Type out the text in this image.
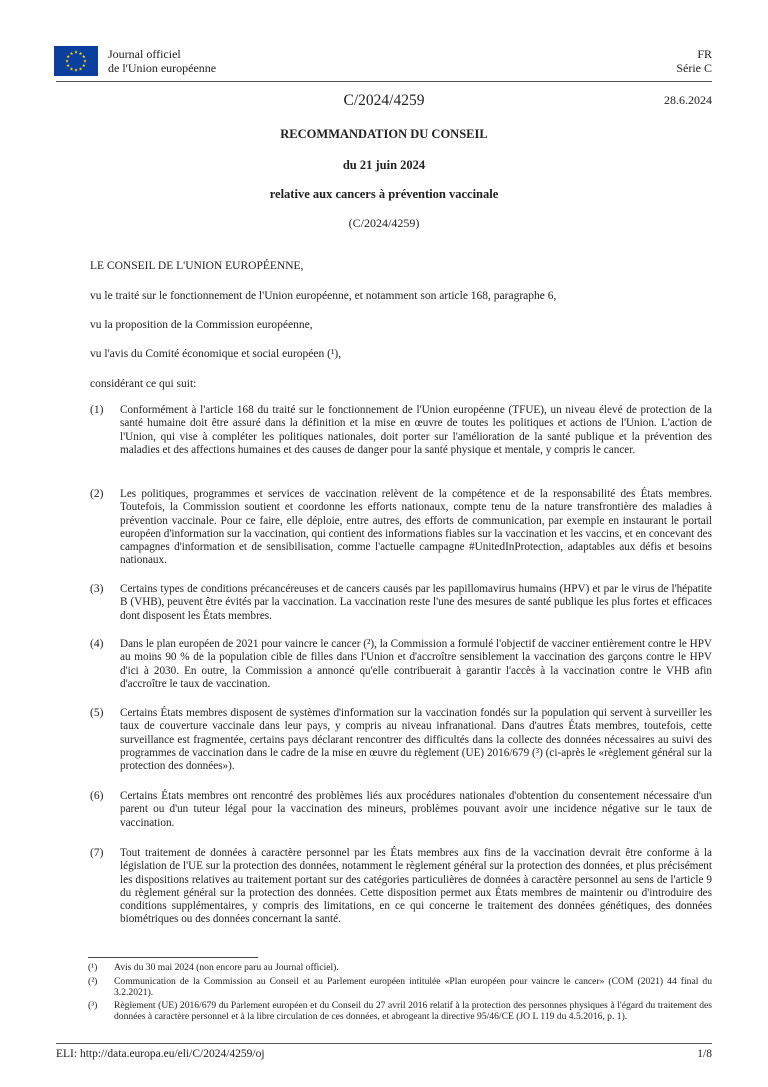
★
★
★
★
★
★
★
★
★ ★ ★
★ Journal officiel
de l'Union européenne
FR
Série C
C/2024/4259	28.6.2024
RECOMMANDATION DU CONSEIL
du 21 juin 2024
relative aux cancers à prévention vaccinale
(C/2024/4259)
LE CONSEIL DE L'UNION EUROPÉENNE,
vu le traité sur le fonctionnement de l'Union européenne, et notamment son article 168, paragraphe 6,
vu la proposition de la Commission européenne,
vu l'avis du Comité économique et social européen (¹),
considérant ce qui suit:
(1) Conformément à l'article 168 du traité sur le fonctionnement de l'Union européenne (TFUE), un niveau élevé de protection de la santé humaine doit être assuré dans la définition et la mise en œuvre de toutes les politiques et actions de l'Union. L'action de l'Union, qui vise à compléter les politiques nationales, doit porter sur l'amélioration de la santé publique et la prévention des maladies et des affections humaines et des causes de danger pour la santé physique et mentale, y compris le cancer.
(2) Les politiques, programmes et services de vaccination relèvent de la compétence et de la responsabilité des États membres. Toutefois, la Commission soutient et coordonne les efforts nationaux, compte tenu de la nature transfrontière des maladies à prévention vaccinale. Pour ce faire, elle déploie, entre autres, des efforts de communication, par exemple en instaurant le portail européen d'information sur la vaccination, qui contient des informations fiables sur la vaccination et les vaccins, et en concevant des campagnes d'information et de sensibilisation, comme l'actuelle campagne #UnitedInProtection, adaptables aux défis et besoins nationaux.
(3) Certains types de conditions précancéreuses et de cancers causés par les papillomavirus humains (HPV) et par le virus de l'hépatite B (VHB), peuvent être évités par la vaccination. La vaccination reste l'une des mesures de santé publique les plus fortes et efficaces dont disposent les États membres.
(4) Dans le plan européen de 2021 pour vaincre le cancer (²), la Commission a formulé l'objectif de vacciner entièrement contre le HPV au moins 90 % de la population cible de filles dans l'Union et d'accroître sensiblement la vaccination des garçons contre le HPV d'ici à 2030. En outre, la Commission a annoncé qu'elle contribuerait à garantir l'accès à la vaccination contre le VHB afin d'accroître le taux de vaccination.
(5) Certains États membres disposent de systèmes d'information sur la vaccination fondés sur la population qui servent à surveiller les taux de couverture vaccinale dans leur pays, y compris au niveau infranational. Dans d'autres États membres, toutefois, cette surveillance est fragmentée, certains pays déclarant rencontrer des difficultés dans la collecte des données nécessaires au suivi des programmes de vaccination dans le cadre de la mise en œuvre du règlement (UE) 2016/679 (³) (ci-après le «règlement général sur la protection des données»).
(6) Certains États membres ont rencontré des problèmes liés aux procédures nationales d'obtention du consentement nécessaire d'un parent ou d'un tuteur légal pour la vaccination des mineurs, problèmes pouvant avoir une incidence négative sur le taux de vaccination.
(7) Tout traitement de données à caractère personnel par les États membres aux fins de la vaccination devrait être conforme à la législation de l'UE sur la protection des données, notamment le règlement général sur la protection des données, et plus précisément les dispositions relatives au traitement portant sur des catégories particulières de données à caractère personnel au sens de l'article 9 du règlement général sur la protection des données. Cette disposition permet aux États membres de maintenir ou d'introduire des conditions supplémentaires, y compris des limitations, en ce qui concerne le traitement des données génétiques, des données biométriques ou des données concernant la santé.
(¹) Avis du 30 mai 2024 (non encore paru au Journal officiel).
(²) Communication de la Commission au Conseil et au Parlement européen intitulée «Plan européen pour vaincre le cancer» (COM (2021) 44 final du 3.2.2021).
(³) Règlement (UE) 2016/679 du Parlement européen et du Conseil du 27 avril 2016 relatif à la protection des personnes physiques à l'égard du traitement des données à caractère personnel et à la libre circulation de ces données, et abrogeant la directive 95/46/CE (JO L 119 du 4.5.2016, p. 1).
ELI: http://data.europa.eu/eli/C/2024/4259/oj	1/8
